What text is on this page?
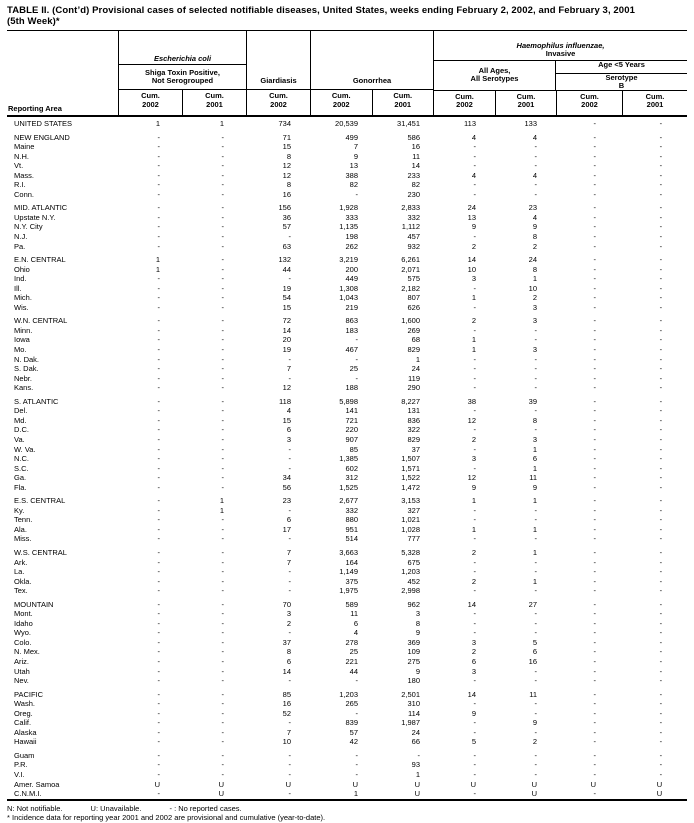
TABLE II. (Cont’d) Provisional cases of selected notifiable diseases, United States, weeks ending February 2, 2002, and February 3, 2001
(5th Week)*
Reporting Area
Escherichia coli
Shiga Toxin Positive,
Not Serogrouped
Cum.
2002
Cum.
2001
Giardiasis
Cum.
2002
Gonorrhea
Cum.
2002
Cum.
2001
Haemophilus influenzae,
Invasive
All Ages,
All Serotypes
Age <5 Years
Serotype
B
Cum.
2002
Cum.
2001
Cum.
2002
Cum.
2001

UNITED STATES	1	1	734	20,539	31,451	113	133	-	-

NEW ENGLAND	-	-	71	499	586	4	4	-	-
Maine	-	-	15	7	16	-	-	-	-
N.H.	-	-	8	9	11	-	-	-	-
Vt.	-	-	12	13	14	-	-	-	-
Mass.	-	-	12	388	233	4	4	-	-
R.I.	-	-	8	82	82	-	-	-	-
Conn.	-	-	16	-	230	-	-	-	-

MID. ATLANTIC	-	-	156	1,928	2,833	24	23	-	-
Upstate N.Y.	-	-	36	333	332	13	4	-	-
N.Y. City	-	-	57	1,135	1,112	9	9	-	-
N.J.	-	-	-	198	457	-	8	-	-
Pa.	-	-	63	262	932	2	2	-	-

E.N. CENTRAL	1	-	132	3,219	6,261	14	24	-	-
Ohio	1	-	44	200	2,071	10	8	-	-
Ind.	-	-	-	449	575	3	1	-	-
Ill.	-	-	19	1,308	2,182	-	10	-	-
Mich.	-	-	54	1,043	807	1	2	-	-
Wis.	-	-	15	219	626	-	3	-	-

W.N. CENTRAL	-	-	72	863	1,600	2	3	-	-
Minn.	-	-	14	183	269	-	-	-	-
Iowa	-	-	20	-	68	1	-	-	-
Mo.	-	-	19	467	829	1	3	-	-
N. Dak.	-	-	-	-	1	-	-	-	-
S. Dak.	-	-	7	25	24	-	-	-	-
Nebr.	-	-	-	-	119	-	-	-	-
Kans.	-	-	12	188	290	-	-	-	-

S. ATLANTIC	-	-	118	5,898	8,227	38	39	-	-
Del.	-	-	4	141	131	-	-	-	-
Md.	-	-	15	721	836	12	8	-	-
D.C.	-	-	6	220	322	-	-	-	-
Va.	-	-	3	907	829	2	3	-	-
W. Va.	-	-	-	85	37	-	1	-	-
N.C.	-	-	-	1,385	1,507	3	6	-	-
S.C.	-	-	-	602	1,571	-	1	-	-
Ga.	-	-	34	312	1,522	12	11	-	-
Fla.	-	-	56	1,525	1,472	9	9	-	-

E.S. CENTRAL	-	1	23	2,677	3,153	1	1	-	-
Ky.	-	1	-	332	327	-	-	-	-
Tenn.	-	-	6	880	1,021	-	-	-	-
Ala.	-	-	17	951	1,028	1	1	-	-
Miss.	-	-	-	514	777	-	-	-	-

W.S. CENTRAL	-	-	7	3,663	5,328	2	1	-	-
Ark.	-	-	7	164	675	-	-	-	-
La.	-	-	-	1,149	1,203	-	-	-	-
Okla.	-	-	-	375	452	2	1	-	-
Tex.	-	-	-	1,975	2,998	-	-	-	-

MOUNTAIN	-	-	70	589	962	14	27	-	-
Mont.	-	-	3	11	3	-	-	-	-
Idaho	-	-	2	6	8	-	-	-	-
Wyo.	-	-	-	4	9	-	-	-	-
Colo.	-	-	37	278	369	3	5	-	-
N. Mex.	-	-	8	25	109	2	6	-	-
Ariz.	-	-	6	221	275	6	16	-	-
Utah	-	-	14	44	9	3	-	-	-
Nev.	-	-	-	-	180	-	-	-	-

PACIFIC	-	-	85	1,203	2,501	14	11	-	-
Wash.	-	-	16	265	310	-	-	-	-
Oreg.	-	-	52	-	114	9	-	-	-
Calif.	-	-	-	839	1,987	-	9	-	-
Alaska	-	-	7	57	24	-	-	-	-
Hawaii	-	-	10	42	66	5	2	-	-

Guam	-	-	-	-	-	-	-	-	-
P.R.	-	-	-	-	93	-	-	-	-
V.I.	-	-	-	-	1	-	-	-	-
Amer. Samoa	U	U	U	U	U	U	U	U	U
C.N.M.I.	-	U	-	1	U	-	U	-	U
N: Not notifiable.	U: Unavailable.	- : No reported cases.
* Incidence data for reporting year 2001 and 2002 are provisional and cumulative (year-to-date).
